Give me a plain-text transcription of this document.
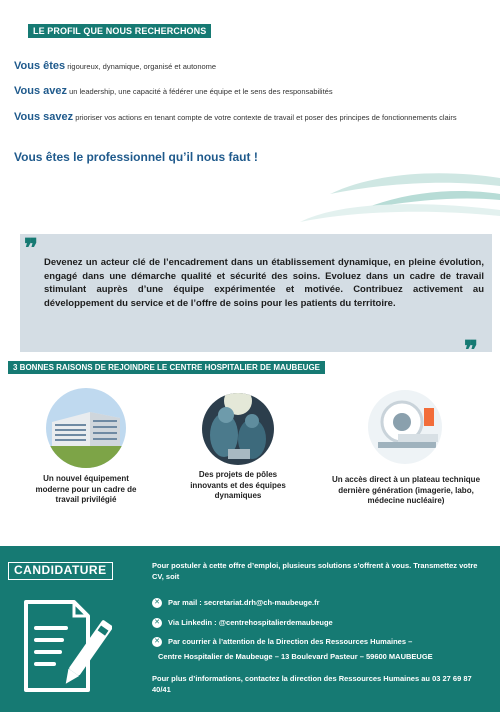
LE PROFIL QUE NOUS RECHERCHONS
Vous êtes rigoureux, dynamique, organisé et autonome
Vous avez un leadership, une capacité à fédérer une équipe et le sens des responsabilités
Vous savez prioriser vos actions en tenant compte de votre contexte de travail et poser des principes de fonctionnements clairs
Vous êtes le professionnel qu’il nous faut !
❞ Devenez un acteur clé de l’encadrement dans un établissement dynamique, en pleine évolution, engagé dans une démarche qualité et sécurité des soins. Evoluez dans un cadre de travail stimulant auprès d’une équipe expérimentée et motivée. Contribuez activement au développement du service et de l’offre de soins pour les patients du territoire.
❞
3 BONNES RAISONS DE REJOINDRE LE CENTRE HOSPITALIER DE MAUBEUGE
Un nouvel équipement moderne pour un cadre de travail privilégié
Des projets de pôles innovants et des équipes dynamiques
Un accès direct à un plateau technique dernière génération (imagerie, labo, médecine nucléaire)
CANDIDATURE	Pour postuler à cette offre d’emploi, plusieurs solutions s’offrent à vous. Transmettez votre CV, soit
✕ Par mail : secretariat.drh@ch-maubeuge.fr
✕ Via Linkedin : @centrehospitalierdemaubeuge
✕ Par courrier à l’attention de la Direction des Ressources Humaines –
Centre Hospitalier de Maubeuge – 13 Boulevard Pasteur – 59600 MAUBEUGE
Pour plus d’informations, contactez la direction des Ressources Humaines au 03 27 69 87 40/41
